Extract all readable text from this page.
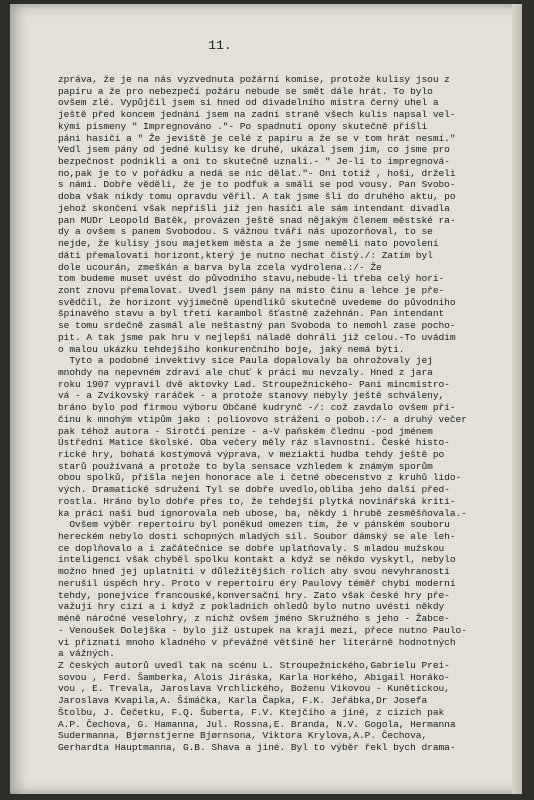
11.
zpráva, že je na nás vyzvednuta požární komise, protože kulisy jsou z
papíru a že pro nebezpečí požáru nebude se smět dále hrát. To bylo
ovšem zlé. Vypůjčil jsem si hned od divadelního mistra černý uhel a
ještě před koncem jednání jsem na zadní straně všech kulis napsal vel-
kými písmeny " Impregnováno ."- Po spadnutí opony skutečně přišli
páni hasiči a " Že jeviště je celé z papíru a že se v tom hrát nesmí."
Vedl jsem pány od jedné kulisy ke druhé, ukázal jsem jim, co jsme pro
bezpečnost podnikli a oni to skutečně uznali.- " Je-li to impregnová-
no,pak je to v pořádku a nedá se nic dělat."- Oni totiž , hoši, drželi
s námi. Dobře věděli, že je to podfuk a smáli se pod vousy. Pan Svobo-
doba však nikdy tomu opravdu věřil. A tak jsme šli do druhého aktu, po
jehož skončení však nepřišli již jen hasiči ale sám intendant divadla
pan MUDr Leopold Batěk, provázen ještě snad nějakým členem městské ra-
dy a ovšem s panem Svobodou. S vážnou tváří nás upozorňoval, to se
nejde, že kulisy jsou majetkem města a že jsme neměli nato povolení
dáti přemalovati horizont,který je nutno nechat čistý./: Zatím byl
dole ucourán, zmeškán a barva byla zcela vydrolena.:/- Že
tom budeme muset uvést do původního stavu,nebude-li třeba celý hori-
zont znovu přemalovat. Uvedl jsem pány na místo činu a lehce je pře-
svědčil, že horizont výjimečně úpendlíků skutečně uvedeme do původního
špinavého stavu a byl třetí karambol šťastně zažehnán. Pan intendant
se tomu srdečně zasmál ale neštastný pan Svoboda to nemohl zase pocho-
pit. A tak jsme pak hru v nejlepší náladě dohráli již celou.-To uvádím
o malou ukázku tehdejšího konkurenčního boje, jaký nemá býti.
Tyto a podobné invektivy sice Paula dopalovaly ba ohrožovaly jej
mnohdy na nepevném zdraví ale chuť k práci mu nevzaly. Hned z jara
roku 1907 vypravil dvě aktovky Lad. Stroupežnického- Paní mincmistro-
vá - a Zvíkovský raráček - a protože stanovy nebyly ještě schváleny,
bráno bylo pod firmou výboru Občané kudrynč -/: což zavdalo ovšem pří-
činu k mnohým vtipům jako : poliovovo strážení o pobob.:/- a druhý večer
pak téhož autora - Sirotčí peníze - a-V paňském člednu -pod jménem
Ústřední Matice školské. Oba večery měly ráz slavnostní. České histo-
rické hry, bohatá kostýmová výprava, v meziaktí hudba tehdy ještě po
starů používaná a protože to byla sensace vzhledem k známým sporům
obou spolků, přišla nejen honorace ale i četné obecenstvo z kruhů lido-
vých. Dramatické sdružení Tyl se dobře uvedlo,oblíba jeho další před-
rostla. Hráno bylo dobře přes to, že tehdejší plytká novinářská kriti-
ka práci naší bud ignorovala neb ubose, ba, někdy i hrubě zesměšňovala.-
Ovšem výběr repertoiru byl poněkud omezen tím, že v pánském souboru
hereckém nebylo dosti schopných mladých sil. Soubor dámský se ale leh-
ce doplňovalo a i začátečnice se dobře uplatňovaly. S mladou mužskou
inteligencí však chyběl spolku kontakt a když se někdo vyskytl, nebylo
možno hned jej uplatniti v důležitějších rolích aby svou nevyhraností
nerušil úspěch hry. Proto v repertoiru éry Paulovy téměř chybí moderní
tehdy, ponejvíce francouské,konversační hry. Zato však české hry pře-
važují hry cizí a i když z pokladních ohledů bylo nutno uvésti někdy
méně náročné veselohry, z nichž ovšem jméno Skružného s jeho - Žabce-
- Venoušek Dolejška - bylo již ústupek na kraji mezí, přece nutno Paulo-
vi přiznati mnoho kladného v převážné většině her literárně hodnotných
a vážných.
Z českých autorů uvedl tak na scénu L. Stroupežnického,Gabrielu Prei-
sovou , Ferd. Šamberka, Alois Jiráska, Karla Horkého, Abigail Horáko-
vou , E. Trevala, Jaroslava Vrchlického, Boženu Vikovou - Kunětickou,
Jaroslava Kvapila,A. Šimáčka, Karla Čapka, F.K. Jeřábka,Dr Josefa
Štolbu, J. Čečetku, F.Q. Šuberta, F.V. Ktejčího a jiné, z cizích pak
A.P. Čechova, G. Hamanna, Jul. Rossna,E. Branda, N.V. Gogola, Hermanna
Sudermanna, Bjørnstjerne Bjørnsona, Viktora Krylova,A.P. Čechova,
Gerhardta Hauptmanna, G.B. Shava a jiné. Byl to výběr řekl bych drama-
